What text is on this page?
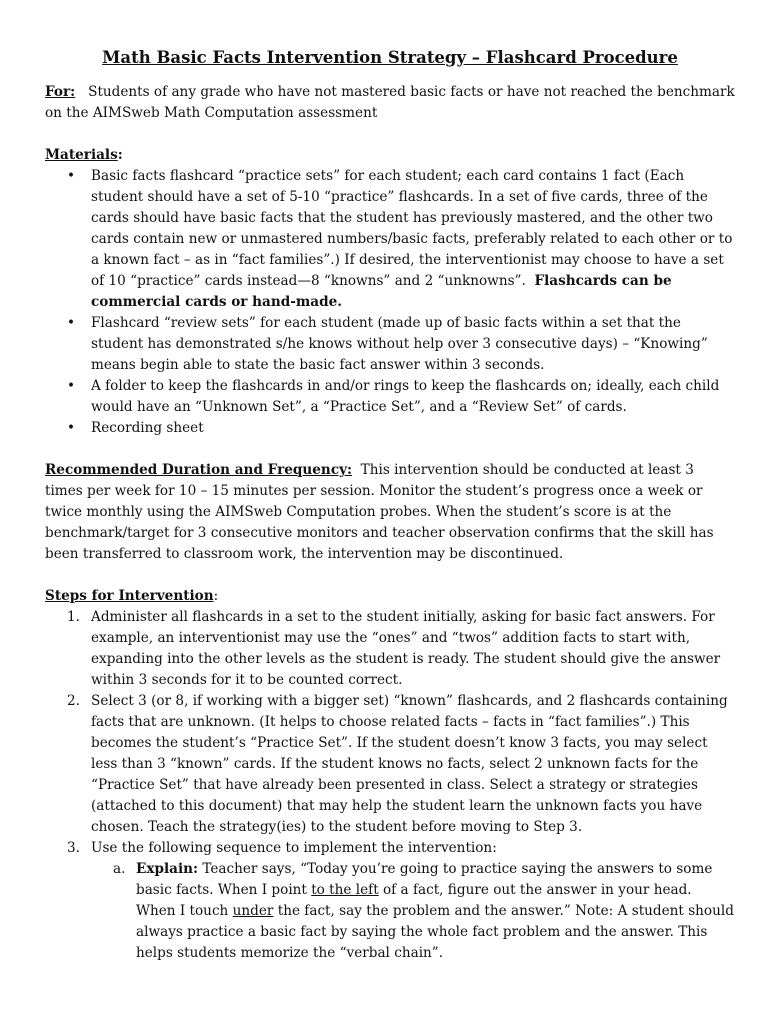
Math Basic Facts Intervention Strategy – Flashcard Procedure

For: Students of any grade who have not mastered basic facts or have not reached the benchmark on the AIMSweb Math Computation assessment

Materials:

• Basic facts flashcard “practice sets” for each student; each card contains 1 fact (Each student should have a set of 5-10 “practice” flashcards. In a set of five cards, three of the cards should have basic facts that the student has previously mastered, and the other two cards contain new or unmastered numbers/basic facts, preferably related to each other or to a known fact – as in “fact families”.) If desired, the interventionist may choose to have a set of 10 “practice” cards instead—8 “knowns” and 2 “unknowns”. Flashcards can be commercial cards or hand-made.
• Flashcard “review sets” for each student (made up of basic facts within a set that the student has demonstrated s/he knows without help over 3 consecutive days) – “Knowing” means begin able to state the basic fact answer within 3 seconds.
• A folder to keep the flashcards in and/or rings to keep the flashcards on; ideally, each child would have an “Unknown Set”, a “Practice Set”, and a “Review Set” of cards.
• Recording sheet

Recommended Duration and Frequency: This intervention should be conducted at least 3 times per week for 10 – 15 minutes per session. Monitor the student’s progress once a week or twice monthly using the AIMSweb Computation probes. When the student’s score is at the benchmark/target for 3 consecutive monitors and teacher observation confirms that the skill has been transferred to classroom work, the intervention may be discontinued.

Steps for Intervention:

1. Administer all flashcards in a set to the student initially, asking for basic fact answers. For example, an interventionist may use the “ones” and “twos” addition facts to start with, expanding into the other levels as the student is ready. The student should give the answer within 3 seconds for it to be counted correct.
2. Select 3 (or 8, if working with a bigger set) “known” flashcards, and 2 flashcards containing facts that are unknown. (It helps to choose related facts – facts in “fact families”.) This becomes the student’s “Practice Set”. If the student doesn’t know 3 facts, you may select less than 3 “known” cards. If the student knows no facts, select 2 unknown facts for the “Practice Set” that have already been presented in class. Select a strategy or strategies (attached to this document) that may help the student learn the unknown facts you have chosen. Teach the strategy(ies) to the student before moving to Step 3.
3. Use the following sequence to implement the intervention:
a. Explain: Teacher says, “Today you’re going to practice saying the answers to some basic facts. When I point to the left of a fact, figure out the answer in your head. When I touch under the fact, say the problem and the answer.” Note: A student should always practice a basic fact by saying the whole fact problem and the answer. This helps students memorize the “verbal chain”.
